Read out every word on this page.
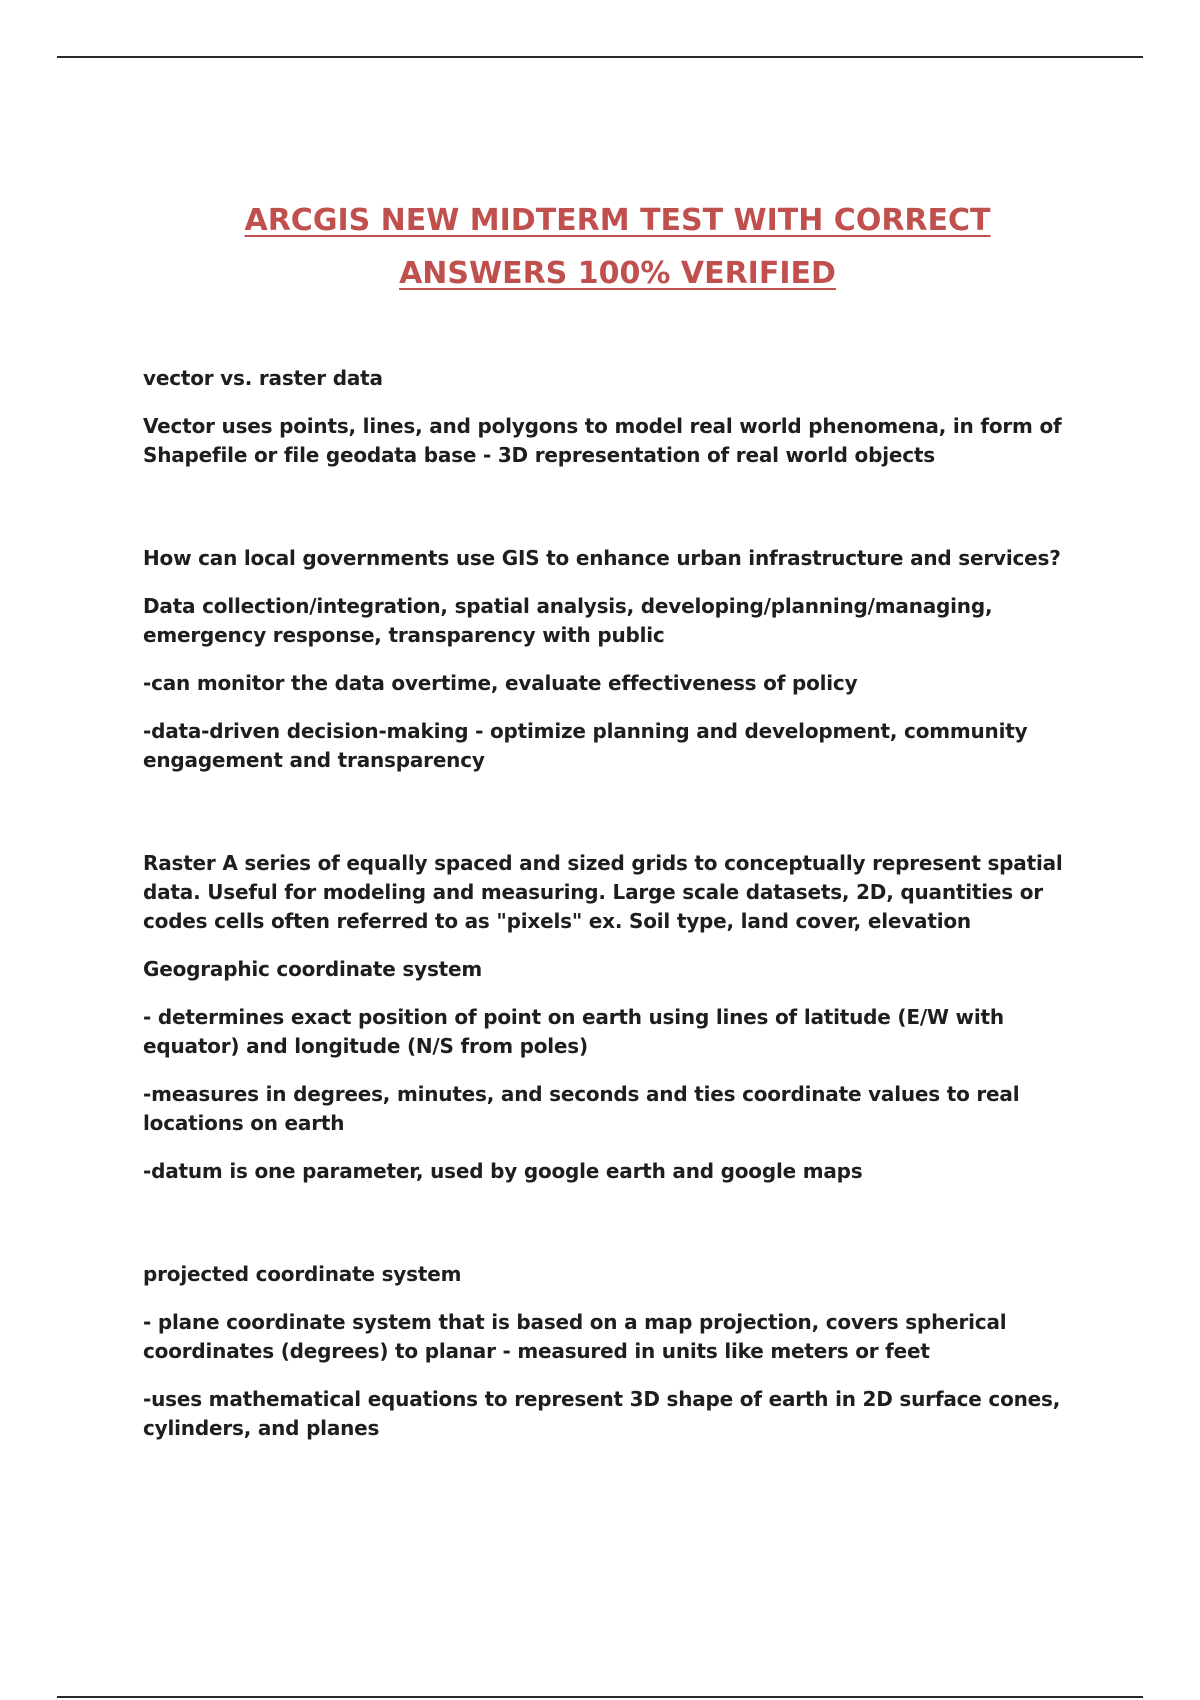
ARCGIS NEW MIDTERM TEST WITH CORRECT
ANSWERS 100% VERIFIED

vector vs. raster data

Vector uses points, lines, and polygons to model real world phenomena, in form of Shapefile or file geodata base - 3D representation of real world objects

How can local governments use GIS to enhance urban infrastructure and services?

Data collection/integration, spatial analysis, developing/planning/managing, emergency response, transparency with public

-can monitor the data overtime, evaluate effectiveness of policy

-data-driven decision-making - optimize planning and development, community engagement and transparency

Raster A series of equally spaced and sized grids to conceptually represent spatial data. Useful for modeling and measuring. Large scale datasets, 2D, quantities or codes cells often referred to as "pixels" ex. Soil type, land cover, elevation

Geographic coordinate system

- determines exact position of point on earth using lines of latitude (E/W with equator) and longitude (N/S from poles)

-measures in degrees, minutes, and seconds and ties coordinate values to real locations on earth

-datum is one parameter, used by google earth and google maps

projected coordinate system

- plane coordinate system that is based on a map projection, covers spherical coordinates (degrees) to planar - measured in units like meters or feet

-uses mathematical equations to represent 3D shape of earth in 2D surface cones, cylinders, and planes
